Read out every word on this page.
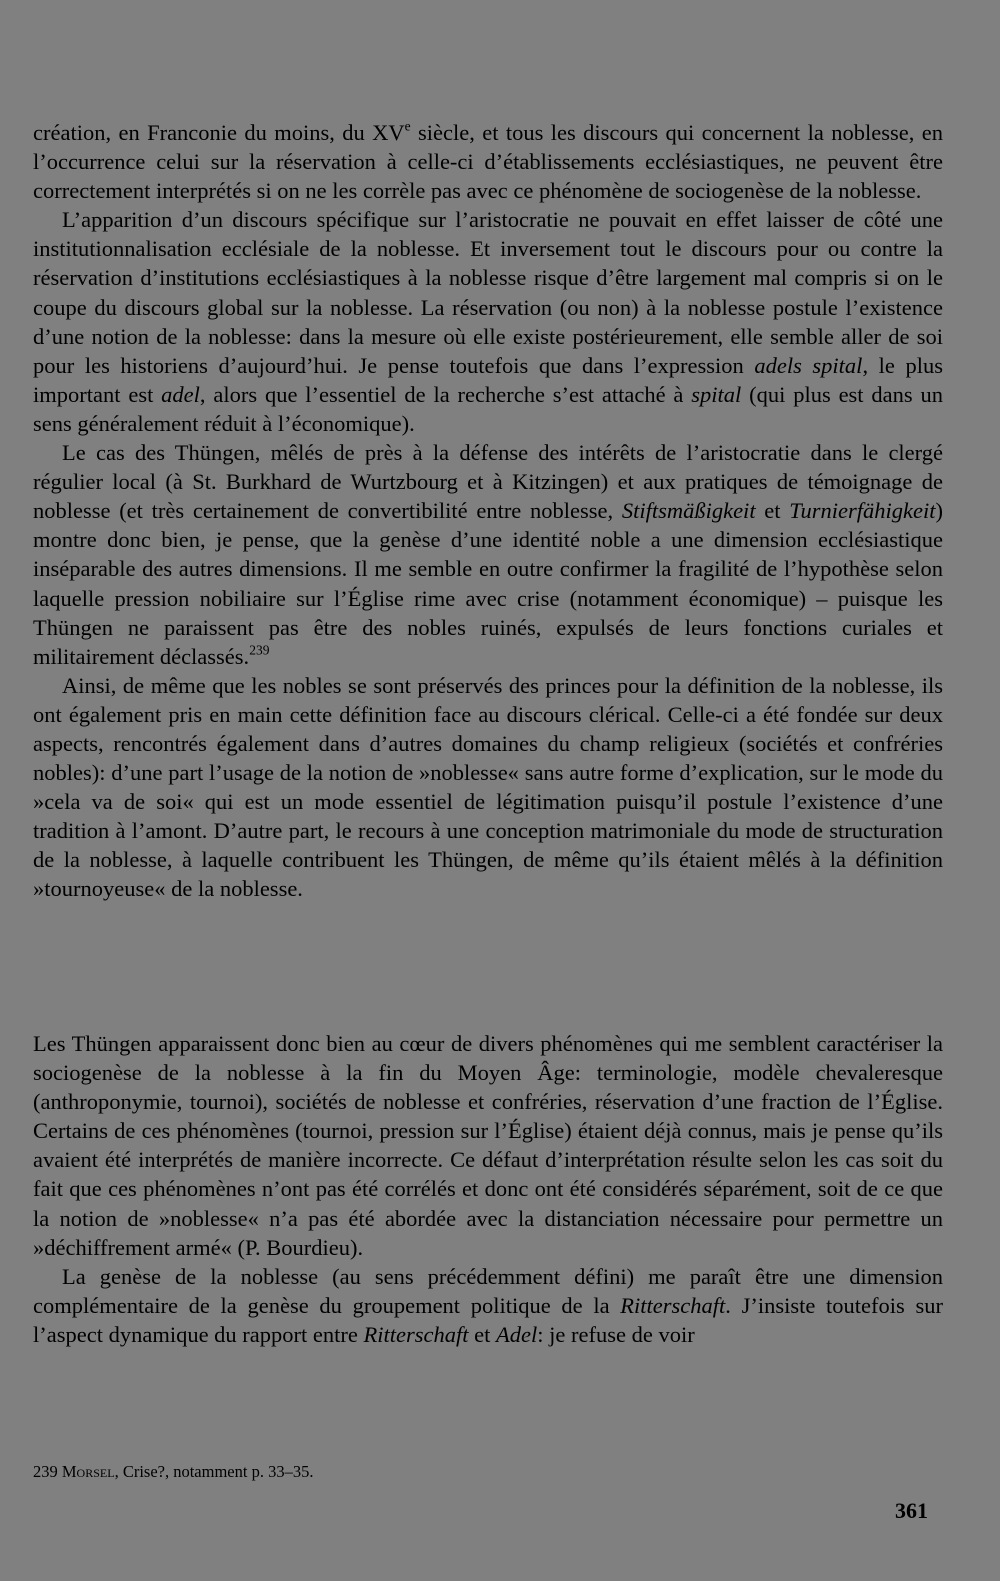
création, en Franconie du moins, du XVe siècle, et tous les discours qui concernent la noblesse, en l’occurrence celui sur la réservation à celle-ci d’établissements ecclésiastiques, ne peuvent être correctement interprétés si on ne les corrèle pas avec ce phénomène de sociogenèse de la noblesse.

L’apparition d’un discours spécifique sur l’aristocratie ne pouvait en effet laisser de côté une institutionnalisation ecclésiale de la noblesse. Et inversement tout le discours pour ou contre la réservation d’institutions ecclésiastiques à la noblesse risque d’être largement mal compris si on le coupe du discours global sur la noblesse. La réservation (ou non) à la noblesse postule l’existence d’une notion de la noblesse: dans la mesure où elle existe postérieurement, elle semble aller de soi pour les historiens d’aujourd’hui. Je pense toutefois que dans l’expression adels spital, le plus important est adel, alors que l’essentiel de la recherche s’est attaché à spital (qui plus est dans un sens généralement réduit à l’économique).

Le cas des Thüngen, mêlés de près à la défense des intérêts de l’aristocratie dans le clergé régulier local (à St. Burkhard de Wurtzbourg et à Kitzingen) et aux pratiques de témoignage de noblesse (et très certainement de convertibilité entre noblesse, Stiftsmäßigkeit et Turnierfähigkeit) montre donc bien, je pense, que la genèse d’une identité noble a une dimension ecclésiastique inséparable des autres dimensions. Il me semble en outre confirmer la fragilité de l’hypothèse selon laquelle pression nobiliaire sur l’Église rime avec crise (notamment économique) – puisque les Thüngen ne paraissent pas être des nobles ruinés, expulsés de leurs fonctions curiales et militairement déclassés.$^{239}$

Ainsi, de même que les nobles se sont préservés des princes pour la définition de la noblesse, ils ont également pris en main cette définition face au discours clérical. Celle-ci a été fondée sur deux aspects, rencontrés également dans d’autres domaines du champ religieux (sociétés et confréries nobles): d’une part l’usage de la notion de »noblesse« sans autre forme d’explication, sur le mode du »cela va de soi« qui est un mode essentiel de légitimation puisqu’il postule l’existence d’une tradition à l’amont. D’autre part, le recours à une conception matrimoniale du mode de structuration de la noblesse, à laquelle contribuent les Thüngen, de même qu’ils étaient mêlés à la définition »tournoyeuse« de la noblesse.

Les Thüngen apparaissent donc bien au cœur de divers phénomènes qui me semblent caractériser la sociogenèse de la noblesse à la fin du Moyen Âge: terminologie, modèle chevaleresque (anthroponymie, tournoi), sociétés de noblesse et confréries, réservation d’une fraction de l’Église. Certains de ces phénomènes (tournoi, pression sur l’Église) étaient déjà connus, mais je pense qu’ils avaient été interprétés de manière incorrecte. Ce défaut d’interprétation résulte selon les cas soit du fait que ces phénomènes n’ont pas été corrélés et donc ont été considérés séparément, soit de ce que la notion de »noblesse« n’a pas été abordée avec la distanciation nécessaire pour permettre un »déchiffrement armé« (P. Bourdieu).

La genèse de la noblesse (au sens précédemment défini) me paraît être une dimension complémentaire de la genèse du groupement politique de la Ritterschaft. J’insiste toutefois sur l’aspect dynamique du rapport entre Ritterschaft et Adel: je refuse de voir

239 Morsel, Crise?, notamment p. 33–35.
361
